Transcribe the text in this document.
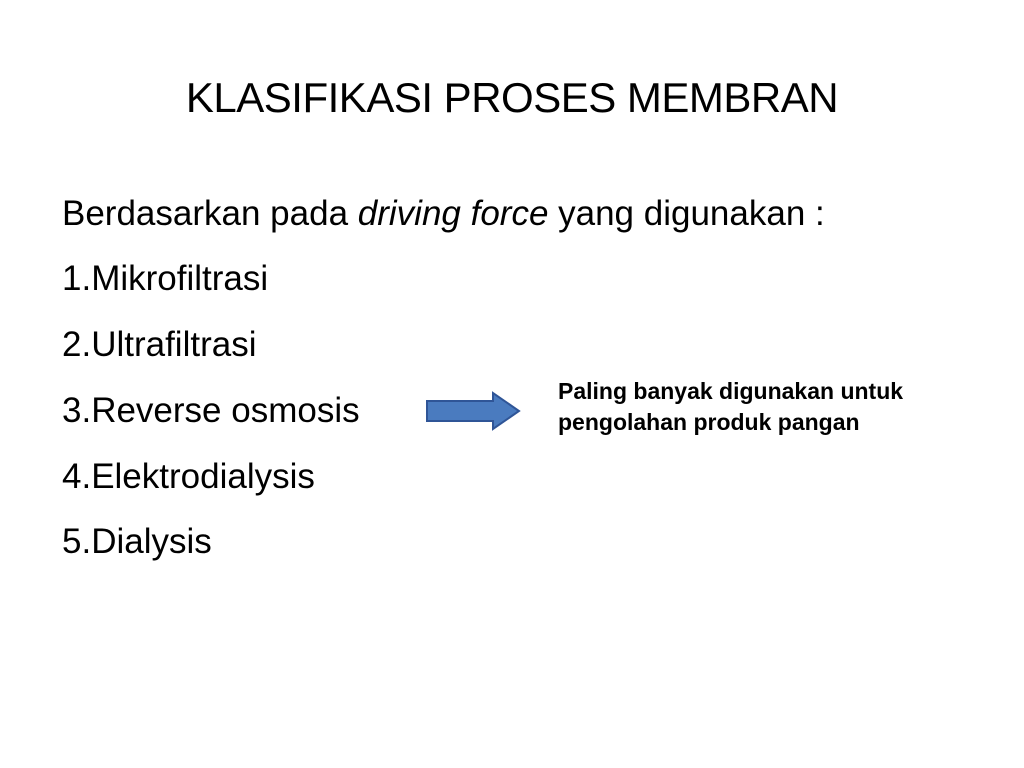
KLASIFIKASI PROSES MEMBRAN
Berdasarkan pada driving force yang digunakan :
1.Mikrofiltrasi
2.Ultrafiltrasi
3.Reverse osmosis
4.Elektrodialysis
5.Dialysis
Paling banyak digunakan untuk
pengolahan produk pangan
